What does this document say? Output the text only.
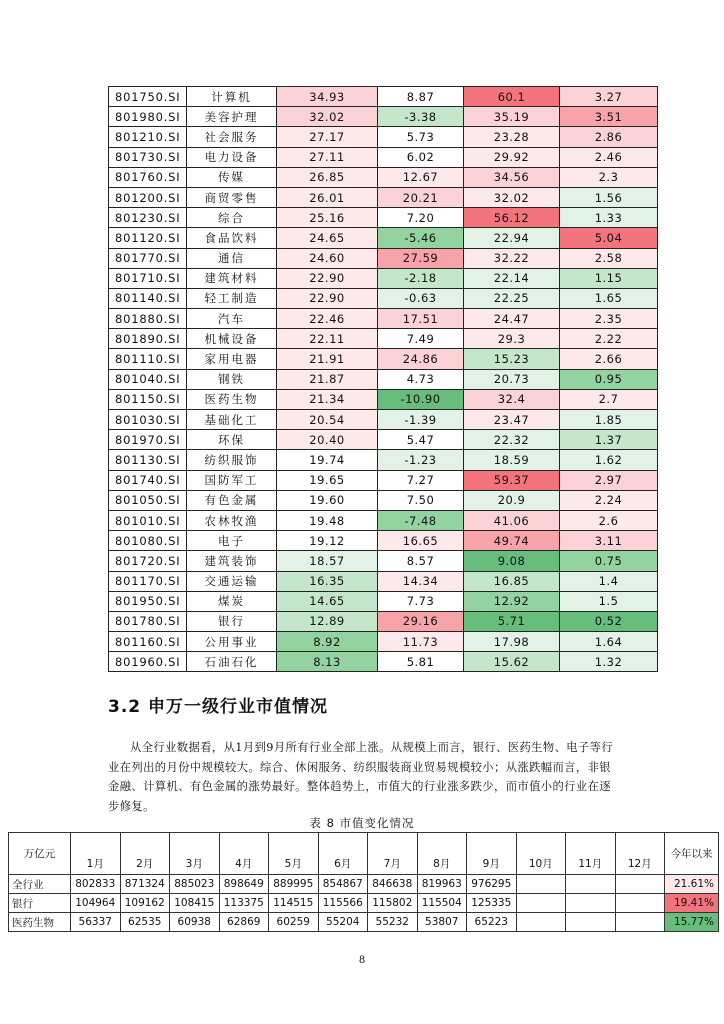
801750.SI	计算机	34.93	8.87	60.1	3.27
801980.SI	美容护理	32.02	-3.38	35.19	3.51
801210.SI	社会服务	27.17	5.73	23.28	2.86
801730.SI	电力设备	27.11	6.02	29.92	2.46
801760.SI	传媒	26.85	12.67	34.56	2.3
801200.SI	商贸零售	26.01	20.21	32.02	1.56
801230.SI	综合	25.16	7.20	56.12	1.33
801120.SI	食品饮料	24.65	-5.46	22.94	5.04
801770.SI	通信	24.60	27.59	32.22	2.58
801710.SI	建筑材料	22.90	-2.18	22.14	1.15
801140.SI	轻工制造	22.90	-0.63	22.25	1.65
801880.SI	汽车	22.46	17.51	24.47	2.35
801890.SI	机械设备	22.11	7.49	29.3	2.22
801110.SI	家用电器	21.91	24.86	15.23	2.66
801040.SI	钢铁	21.87	4.73	20.73	0.95
801150.SI	医药生物	21.34	-10.90	32.4	2.7
801030.SI	基础化工	20.54	-1.39	23.47	1.85
801970.SI	环保	20.40	5.47	22.32	1.37
801130.SI	纺织服饰	19.74	-1.23	18.59	1.62
801740.SI	国防军工	19.65	7.27	59.37	2.97
801050.SI	有色金属	19.60	7.50	20.9	2.24
801010.SI	农林牧渔	19.48	-7.48	41.06	2.6
801080.SI	电子	19.12	16.65	49.74	3.11
801720.SI	建筑装饰	18.57	8.57	9.08	0.75
801170.SI	交通运输	16.35	14.34	16.85	1.4
801950.SI	煤炭	14.65	7.73	12.92	1.5
801780.SI	银行	12.89	29.16	5.71	0.52
801160.SI	公用事业	8.92	11.73	17.98	1.64
801960.SI	石油石化	8.13	5.81	15.62	1.32
3.2 申万一级行业市值情况

从全行业数据看，从1月到9月所有行业全部上涨。从规模上而言，银行、医药生物、电子等行业在列出的月份中规模较大。综合、休闲服务、纺织服装商业贸易规模较小；从涨跌幅而言，非银金融、计算机、有色金属的涨势最好。整体趋势上，市值大的行业涨多跌少，而市值小的行业在逐步修复。

表 8 市值变化情况
万亿元	1月	2月	3月	4月	5月	6月	7月	8月	9月	10月	11月	12月	今年以来
全行业	802833	871324	885023	898649	889995	854867	846638	819963	976295				21.61%
银行	104964	109162	108415	113375	114515	115566	115802	115504	125335				19.41%
医药生物	56337	62535	60938	62869	60259	55204	55232	53807	65223				15.77%
8
